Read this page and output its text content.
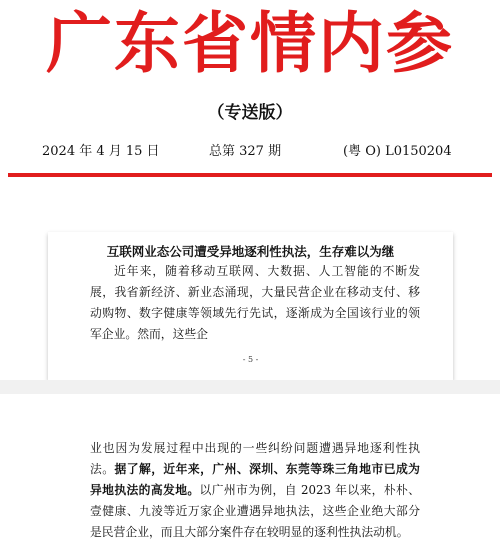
广东省情内参
（专送版）
2024 年 4 月 15 日	总第 327 期	(粤 O) L0150204
互联网业态公司遭受异地逐利性执法，生存难以为继
近年来，随着移动互联网、大数据、人工智能的不断发展，我省新经济、新业态涌现，大量民营企业在移动支付、移动购物、数字健康等领域先行先试，逐渐成为全国该行业的领军企业。然而，这些企
- 5 -
业也因为发展过程中出现的一些纠纷问题遭遇异地逐利性执法。据了解，近年来，广州、深圳、东莞等珠三角地市已成为异地执法的高发地。以广州市为例，自 2023 年以来，朴朴、壹健康、九淩等近万家企业遭遇异地执法，这些企业绝大部分是民营企业，而且大部分案件存在较明显的逐利性执法动机。
